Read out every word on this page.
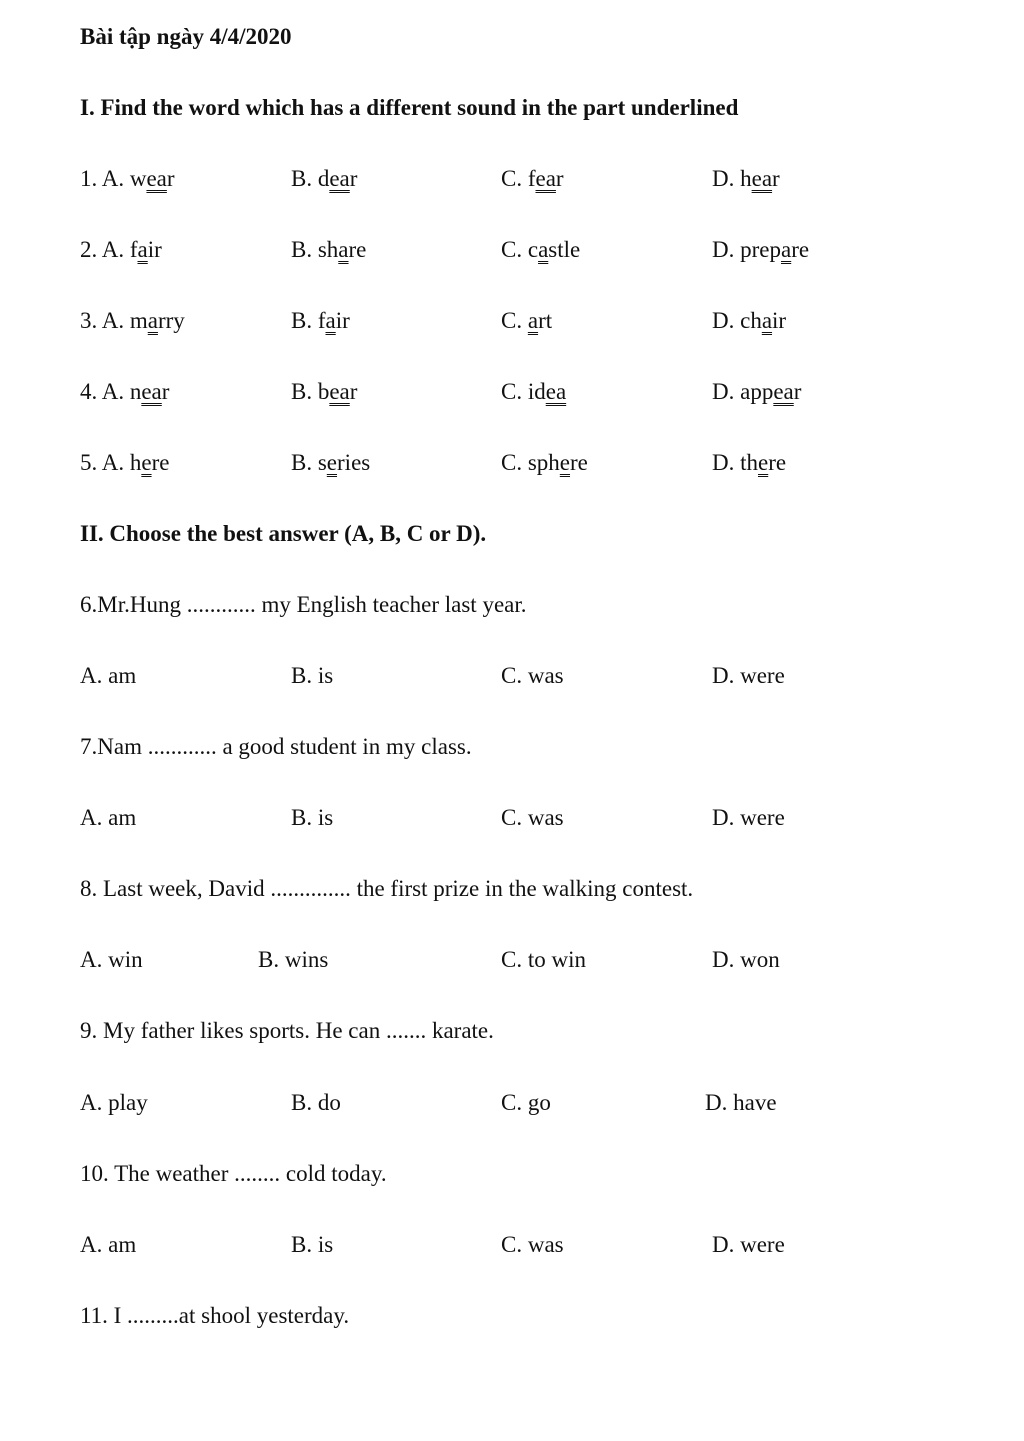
Bài tập ngày 4/4/2020
I. Find the word which has a different sound in the part underlined
1. A. wear	B. dear	C. fear	D. hear
2. A. fair	B. share	C. castle	D. prepare
3. A. marry	B. fair	C. art	D. chair
4. A. near	B. bear	C. idea	D. appear
5. A. here	B. series	C. sphere	D. there
II. Choose the best answer (A, B, C or D).
6.Mr.Hung ............ my English teacher last year.
A. am	B. is	C. was	D. were
7.Nam ............ a good student in my class.
A. am	B. is	C. was	D. were
8. Last week, David .............. the first prize in the walking contest.
A. win	B. wins	C. to win	D. won
9. My father likes sports. He can ....... karate.
A. play	B. do	C. go	D. have
10. The weather ........ cold today.
A. am	B. is	C. was	D. were
11. I .........at shool yesterday.
